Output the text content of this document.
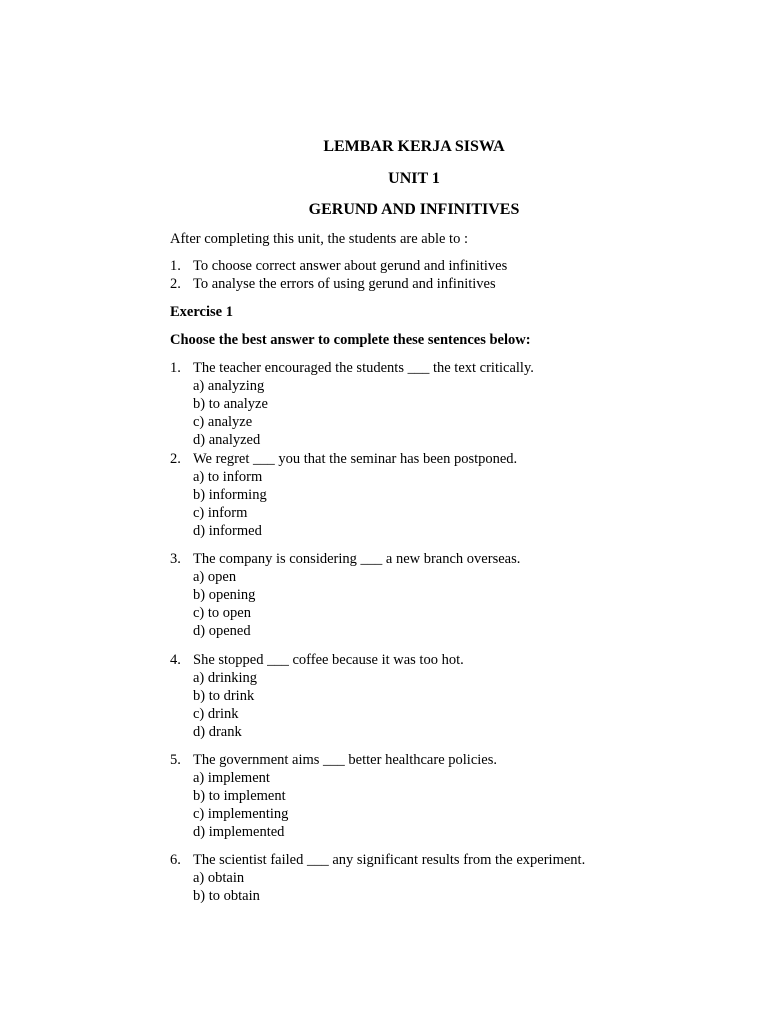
LEMBAR KERJA SISWA
UNIT 1
GERUND AND INFINITIVES
After completing this unit, the students are able to :
1. To choose correct answer about gerund and infinitives
2. To analyse the errors of using gerund and infinitives
Exercise 1
Choose the best answer to complete these sentences below:
1. The teacher encouraged the students ___ the text critically.
a) analyzing
b) to analyze
c) analyze
d) analyzed
2. We regret ___ you that the seminar has been postponed.
a) to inform
b) informing
c) inform
d) informed
3. The company is considering ___ a new branch overseas.
a) open
b) opening
c) to open
d) opened
4. She stopped ___ coffee because it was too hot.
a) drinking
b) to drink
c) drink
d) drank
5. The government aims ___ better healthcare policies.
a) implement
b) to implement
c) implementing
d) implemented
6. The scientist failed ___ any significant results from the experiment.
a) obtain
b) to obtain
